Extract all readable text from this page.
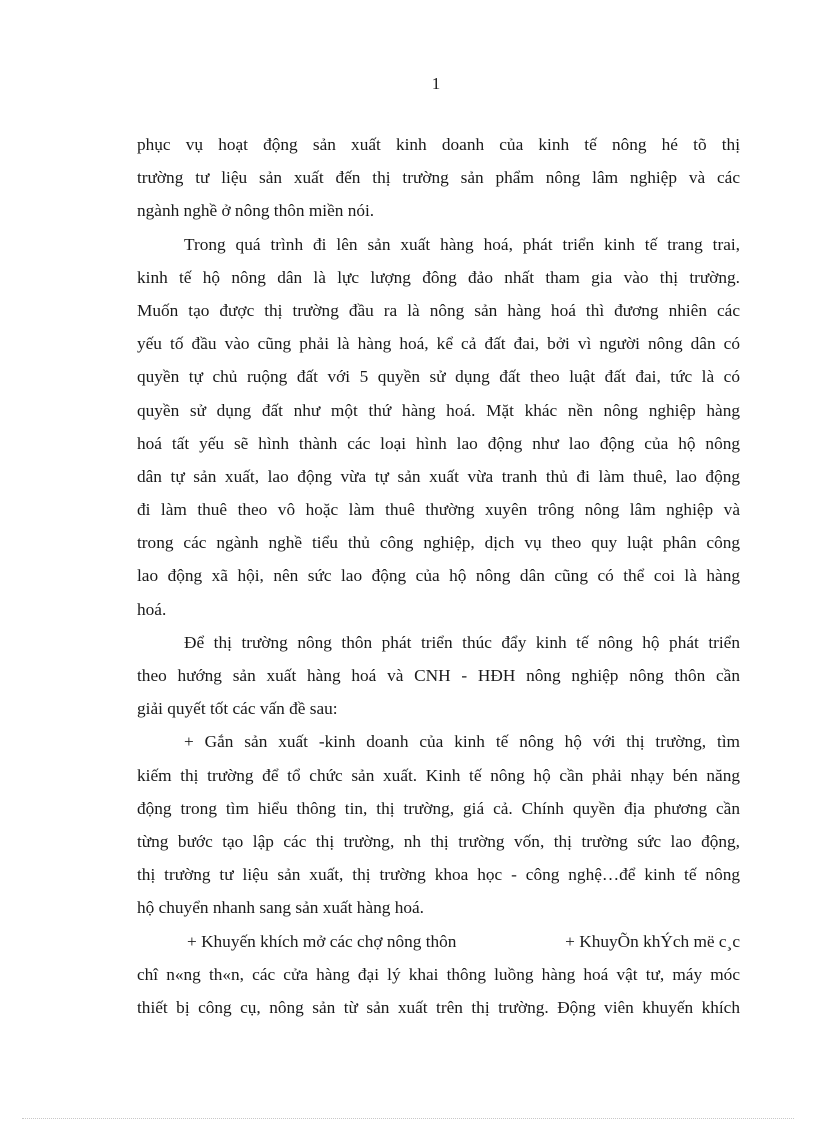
1
phục vụ hoạt động sản xuất kinh doanh của kinh tế nông hé tõ thị
trường tư liệu sản xuất đến thị trường sản phẩm nông lâm nghiệp và các
ngành nghề ở nông thôn miền nói.
Trong quá trình đi lên sản xuất hàng hoá, phát triển kinh tế trang trai,
kinh tế hộ nông dân là lực lượng đông đảo nhất tham gia vào thị trường.
Muốn tạo được thị trường đầu ra là nông sản hàng hoá thì đương nhiên các
yếu tố đầu vào cũng phải là hàng hoá, kể cả đất đai, bởi vì người nông dân có
quyền tự chủ ruộng đất với 5 quyền sử dụng đất theo luật đất đai, tức là có
quyền sử dụng đất như một thứ hàng hoá. Mặt khác nền nông nghiệp hàng
hoá tất yếu sẽ hình thành các loại hình lao động như lao động của hộ nông
dân tự sản xuất, lao động vừa tự sản xuất vừa tranh thủ đi làm thuê, lao động
đi làm thuê theo vô hoặc làm thuê thường xuyên trông nông lâm nghiệp và
trong các ngành nghề tiểu thủ công nghiệp, dịch vụ theo quy luật phân công
lao động xã hội, nên sức lao động của hộ nông dân cũng có thể coi là hàng
hoá.
Để thị trường nông thôn phát triển thúc đẩy kinh tế nông hộ phát triển
theo hướng sản xuất hàng hoá và CNH - HĐH nông nghiệp nông thôn cần
giải quyết tốt các vấn đề sau:
+ Gắn sản xuất -kinh doanh của kinh tế nông hộ với thị trường, tìm
kiếm thị trường để tổ chức sản xuất. Kinh tế nông hộ cần phải nhạy bén năng
động trong tìm hiểu thông tin, thị trường, giá cả. Chính quyền địa phương cần
từng bước tạo lập các thị trường, nh thị trường vốn, thị trường sức lao động,
thị trường tư liệu sản xuất, thị trường khoa học - công nghệ…để kinh tế nông
hộ chuyển nhanh sang sản xuất hàng hoá.
+ Khuyến khích mở các chợ nông thôn	+ KhuyÕn khÝch më c¸c
chî n«ng th«n, các cửa hàng đại lý khai thông luồng hàng hoá vật tư, máy móc
thiết bị công cụ, nông sản từ sản xuất trên thị trường. Động viên khuyến khích
